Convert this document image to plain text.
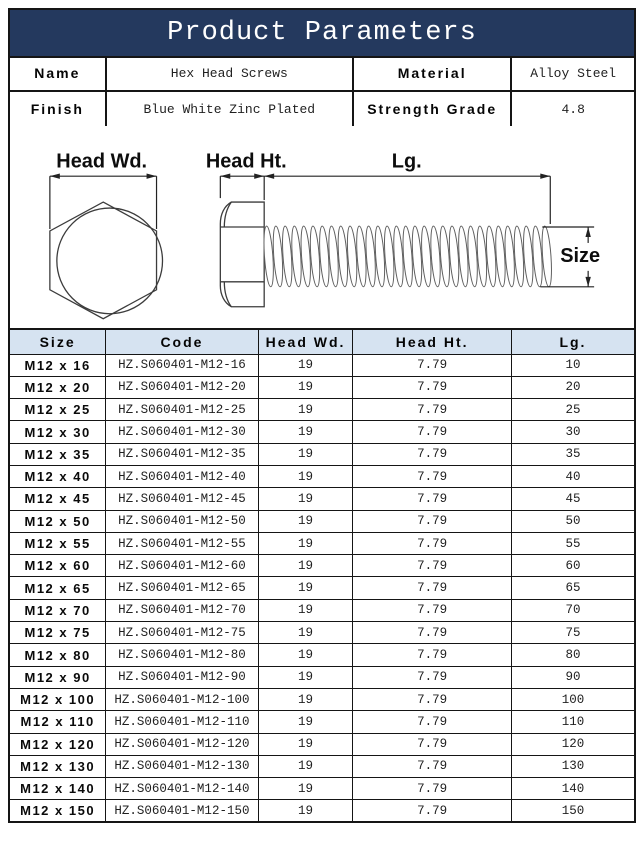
Product Parameters
Name	Hex Head Screws	Material	Alloy Steel
Finish	Blue White Zinc Plated	Strength Grade	4.8
Head Wd.	Head Ht.	Lg.
Size
Size	Code	Head Wd.	Head Ht.	Lg.
M12 x 16	HZ.S060401-M12-16	19	7.79	10
M12 x 20	HZ.S060401-M12-20	19	7.79	20
M12 x 25	HZ.S060401-M12-25	19	7.79	25
M12 x 30	HZ.S060401-M12-30	19	7.79	30
M12 x 35	HZ.S060401-M12-35	19	7.79	35
M12 x 40	HZ.S060401-M12-40	19	7.79	40
M12 x 45	HZ.S060401-M12-45	19	7.79	45
M12 x 50	HZ.S060401-M12-50	19	7.79	50
M12 x 55	HZ.S060401-M12-55	19	7.79	55
M12 x 60	HZ.S060401-M12-60	19	7.79	60
M12 x 65	HZ.S060401-M12-65	19	7.79	65
M12 x 70	HZ.S060401-M12-70	19	7.79	70
M12 x 75	HZ.S060401-M12-75	19	7.79	75
M12 x 80	HZ.S060401-M12-80	19	7.79	80
M12 x 90	HZ.S060401-M12-90	19	7.79	90
M12 x 100	HZ.S060401-M12-100	19	7.79	100
M12 x 110	HZ.S060401-M12-110	19	7.79	110
M12 x 120	HZ.S060401-M12-120	19	7.79	120
M12 x 130	HZ.S060401-M12-130	19	7.79	130
M12 x 140	HZ.S060401-M12-140	19	7.79	140
M12 x 150	HZ.S060401-M12-150	19	7.79	150
